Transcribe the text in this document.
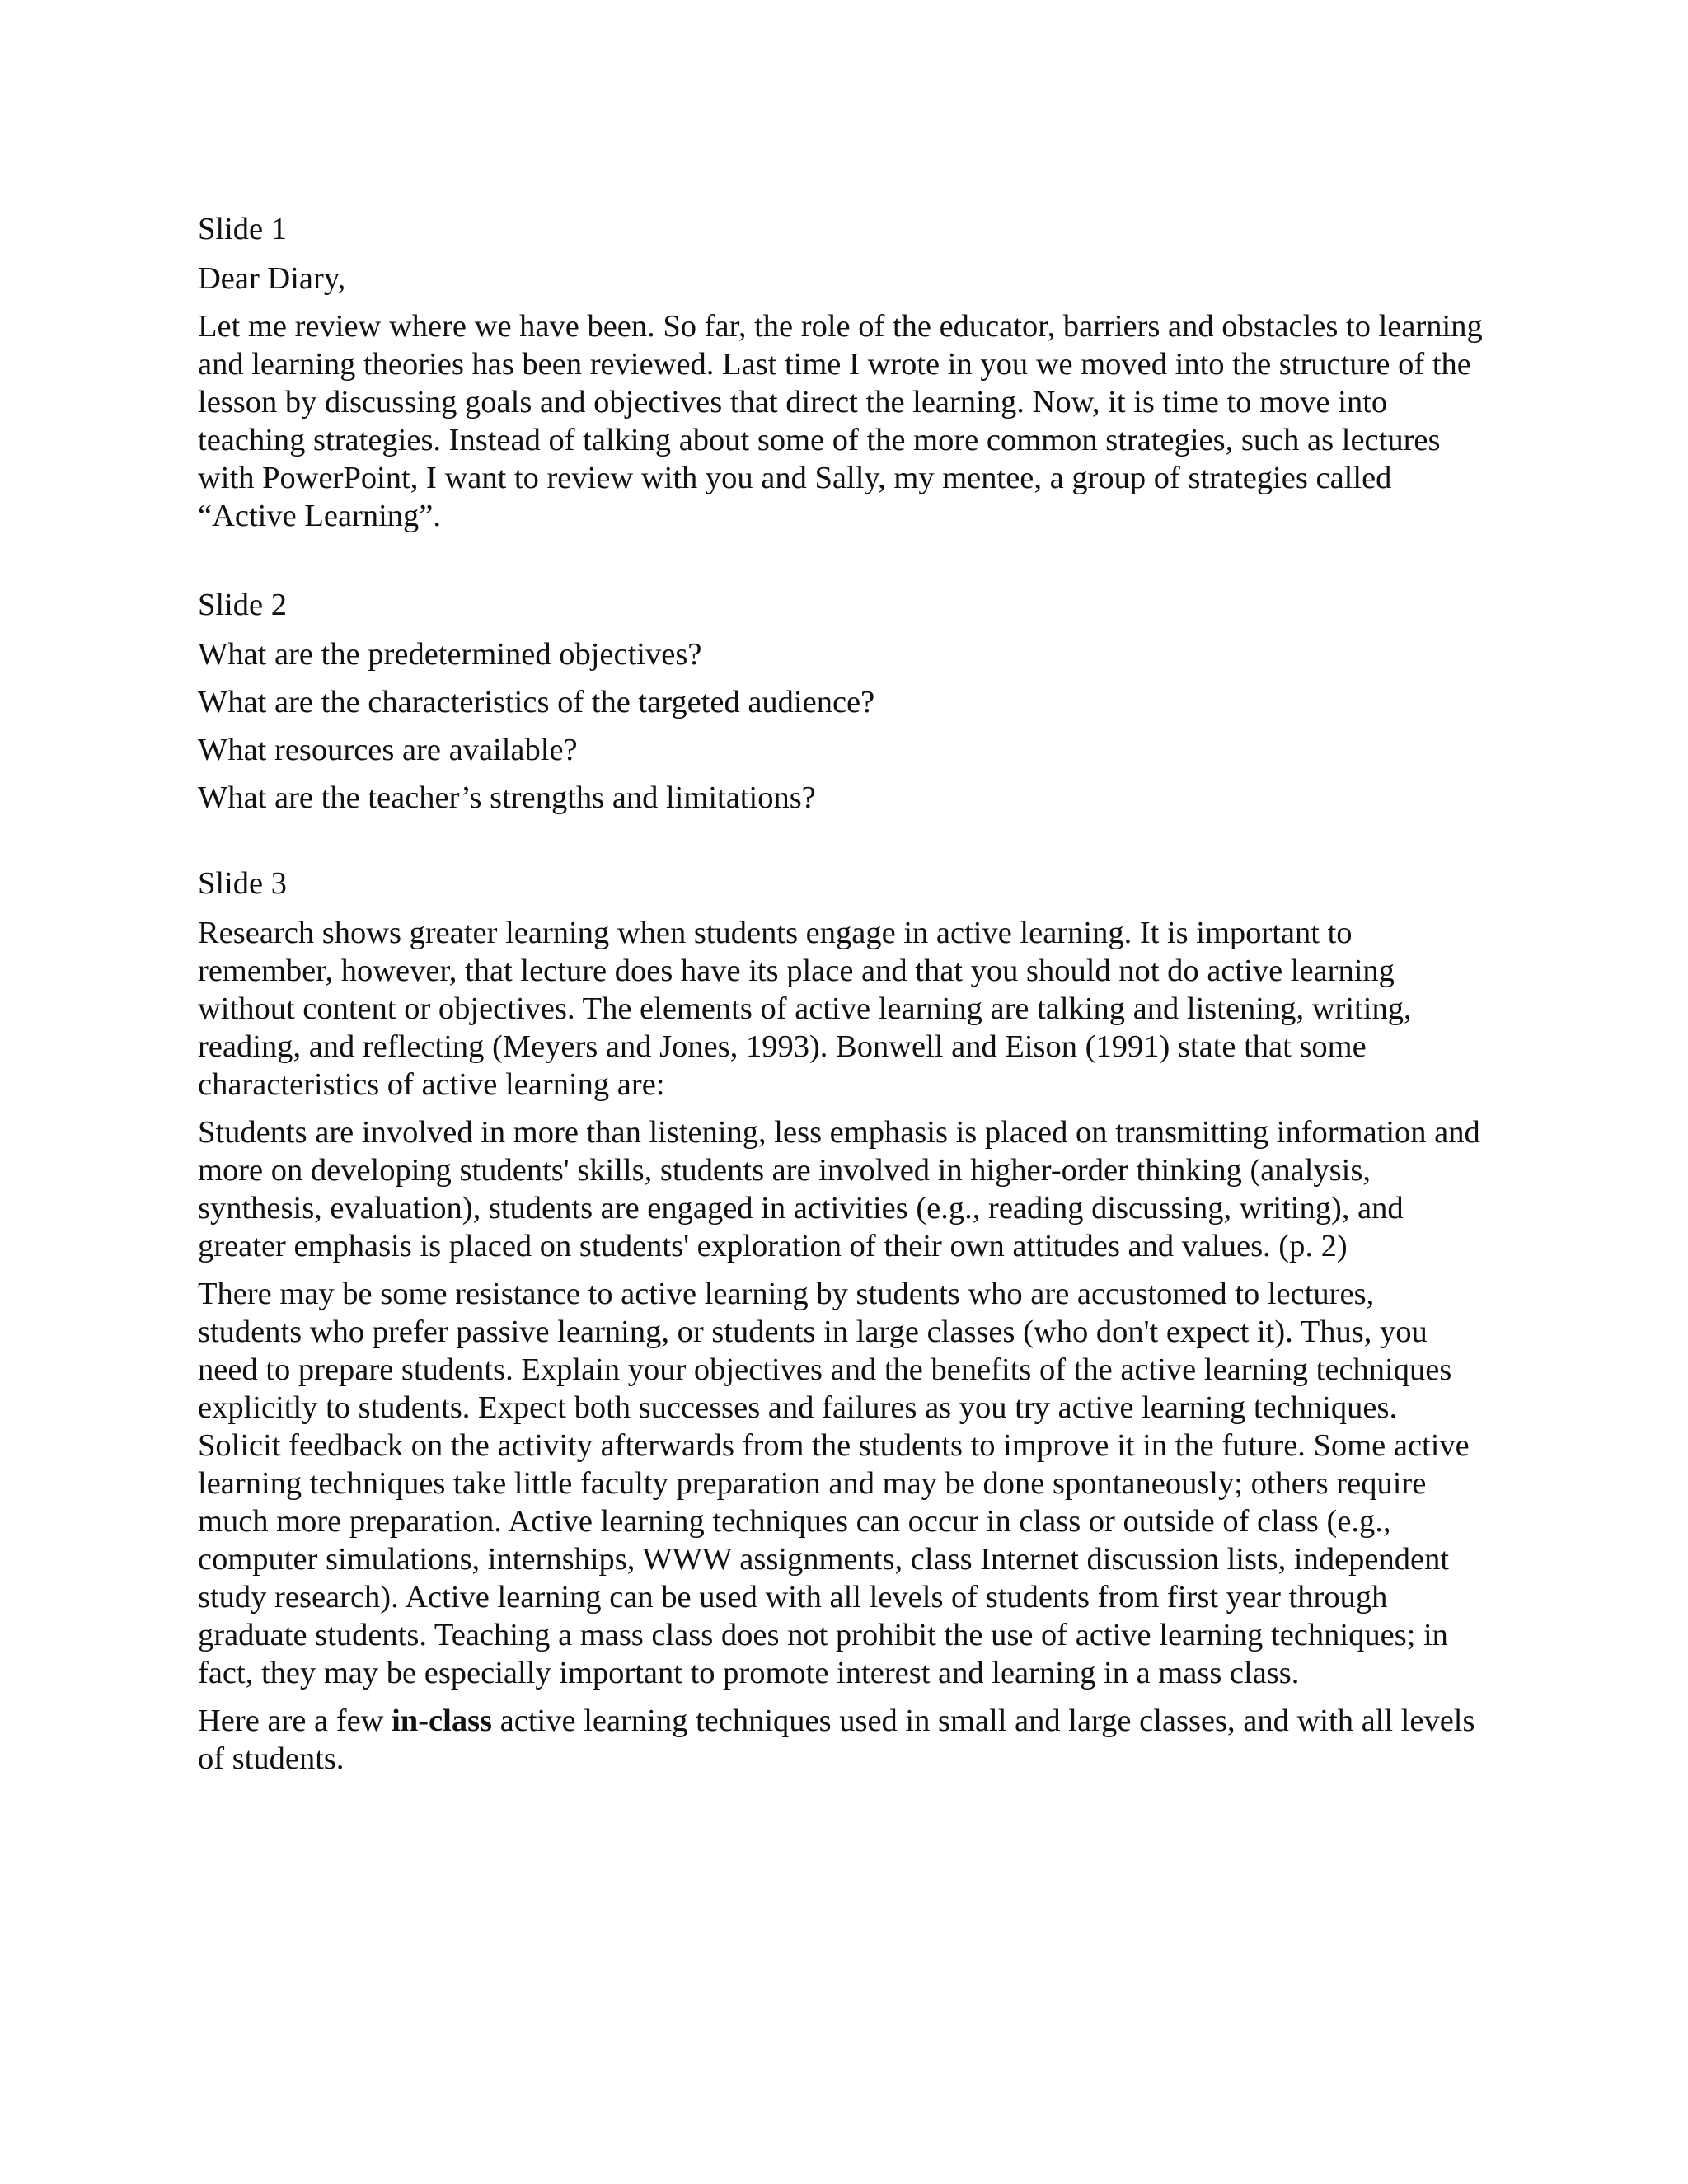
Slide 1

Dear Diary,

Let me review where we have been. So far, the role of the educator, barriers and obstacles to learning and learning theories has been reviewed. Last time I wrote in you we moved into the structure of the lesson by discussing goals and objectives that direct the learning. Now, it is time to move into teaching strategies. Instead of talking about some of the more common strategies, such as lectures with PowerPoint, I want to review with you and Sally, my mentee, a group of strategies called “Active Learning”.

Slide 2

What are the predetermined objectives?

What are the characteristics of the targeted audience?

What resources are available?

What are the teacher’s strengths and limitations?

Slide 3

Research shows greater learning when students engage in active learning. It is important to remember, however, that lecture does have its place and that you should not do active learning without content or objectives. The elements of active learning are talking and listening, writing, reading, and reflecting (Meyers and Jones, 1993). Bonwell and Eison (1991) state that some characteristics of active learning are:

Students are involved in more than listening, less emphasis is placed on transmitting information and more on developing students' skills, students are involved in higher-order thinking (analysis, synthesis, evaluation), students are engaged in activities (e.g., reading discussing, writing), and greater emphasis is placed on students' exploration of their own attitudes and values. (p. 2)

There may be some resistance to active learning by students who are accustomed to lectures, students who prefer passive learning, or students in large classes (who don't expect it). Thus, you need to prepare students. Explain your objectives and the benefits of the active learning techniques explicitly to students. Expect both successes and failures as you try active learning techniques. Solicit feedback on the activity afterwards from the students to improve it in the future. Some active learning techniques take little faculty preparation and may be done spontaneously; others require much more preparation. Active learning techniques can occur in class or outside of class (e.g., computer simulations, internships, WWW assignments, class Internet discussion lists, independent study research). Active learning can be used with all levels of students from first year through graduate students. Teaching a mass class does not prohibit the use of active learning techniques; in fact, they may be especially important to promote interest and learning in a mass class.

Here are a few in-class active learning techniques used in small and large classes, and with all levels of students.
